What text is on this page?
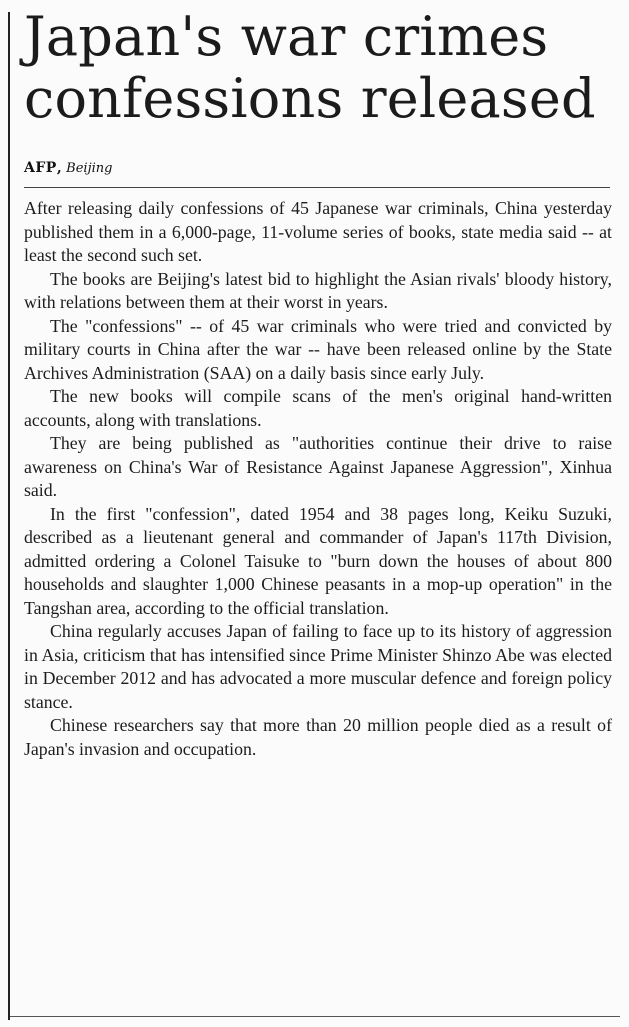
Japan's war crimes confessions released
AFP, Beijing

After releasing daily confessions of 45 Japanese war criminals, China yesterday published them in a 6,000-page, 11-volume series of books, state media said -- at least the second such set.

The books are Beijing's latest bid to highlight the Asian rivals' bloody history, with relations between them at their worst in years.

The "confessions" -- of 45 war criminals who were tried and convicted by military courts in China after the war -- have been released online by the State Archives Administration (SAA) on a daily basis since early July.

The new books will compile scans of the men's original hand-written accounts, along with translations.

They are being published as "authorities continue their drive to raise awareness on China's War of Resistance Against Japanese Aggression", Xinhua said.

In the first "confession", dated 1954 and 38 pages long, Keiku Suzuki, described as a lieutenant general and commander of Japan's 117th Division, admitted ordering a Colonel Taisuke to "burn down the houses of about 800 households and slaughter 1,000 Chinese peasants in a mop-up operation" in the Tangshan area, according to the official translation.

China regularly accuses Japan of failing to face up to its history of aggression in Asia, criticism that has intensified since Prime Minister Shinzo Abe was elected in December 2012 and has advocated a more muscular defence and foreign policy stance.

Chinese researchers say that more than 20 million people died as a result of Japan's invasion and occupation.
